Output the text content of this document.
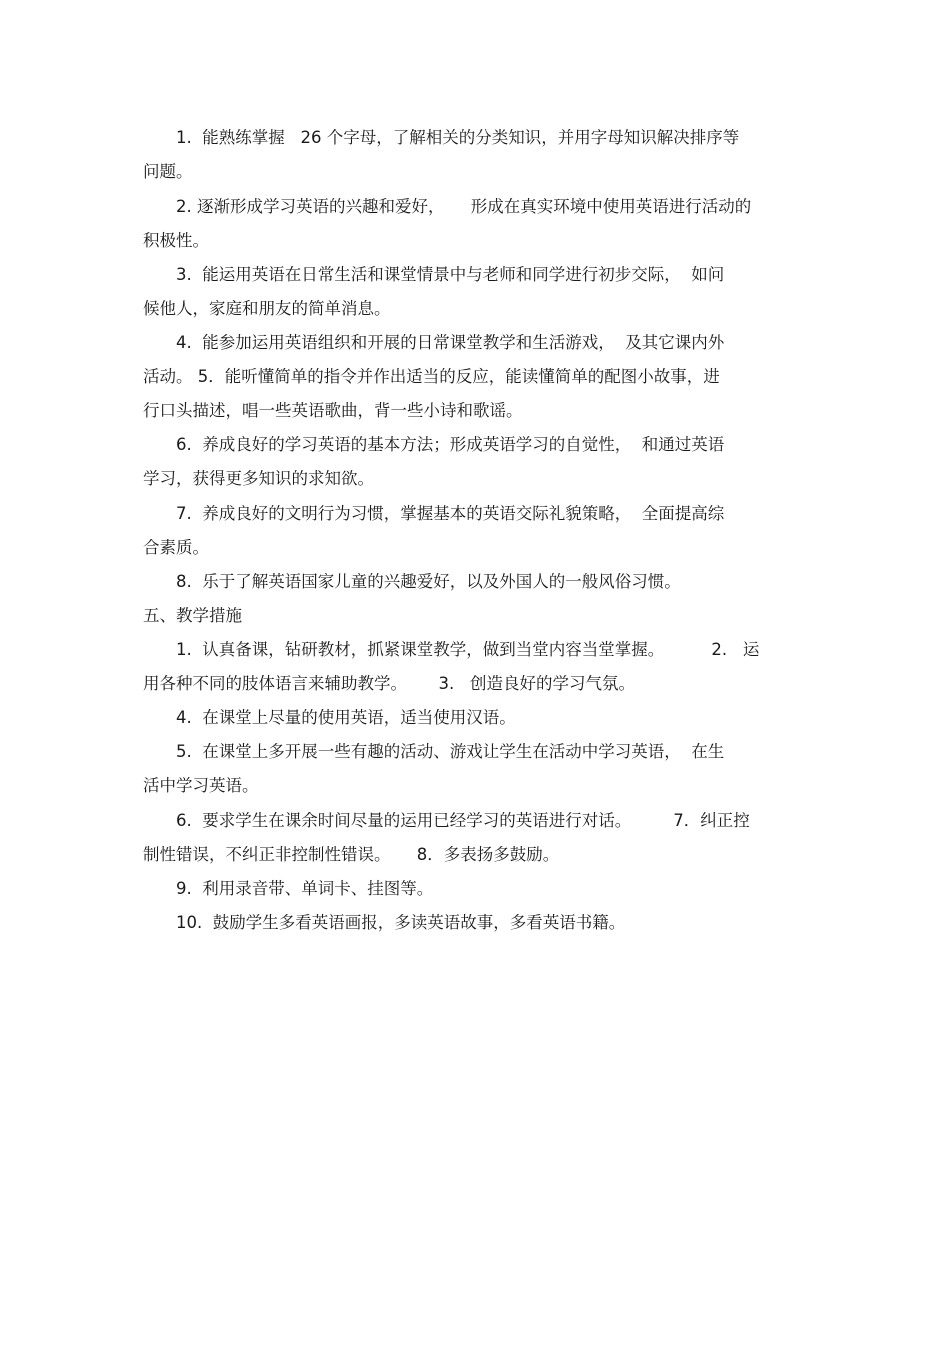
1.  能熟练掌握   26 个字母，了解相关的分类知识，并用字母知识解决排序等
问题。
2. 逐渐形成学习英语的兴趣和爱好，     形成在真实环境中使用英语进行活动的
积极性。
3.  能运用英语在日常生活和课堂情景中与老师和同学进行初步交际，  如问
候他人，家庭和朋友的简单消息。
4.  能参加运用英语组织和开展的日常课堂教学和生活游戏，  及其它课内外
活动。 5．能听懂简单的指令并作出适当的反应，能读懂简单的配图小故事，进
行口头描述，唱一些英语歌曲，背一些小诗和歌谣。
6.  养成良好的学习英语的基本方法；形成英语学习的自觉性，  和通过英语
学习，获得更多知识的求知欲。
7.  养成良好的文明行为习惯，掌握基本的英语交际礼貌策略，  全面提高综
合素质。
8.  乐于了解英语国家儿童的兴趣爱好，以及外国人的一般风俗习惯。
五、教学措施
1.  认真备课，钻研教材，抓紧课堂教学，做到当堂内容当堂掌握。         2.   运
用各种不同的肢体语言来辅助教学。      3.   创造良好的学习气氛。
4.  在课堂上尽量的使用英语，适当使用汉语。
5.  在课堂上多开展一些有趣的活动、游戏让学生在活动中学习英语，  在生
活中学习英语。
6.  要求学生在课余时间尽量的运用已经学习的英语进行对话。        7．纠正控
制性错误，不纠正非控制性错误。     8．多表扬多鼓励。
9.  利用录音带、单词卡、挂图等。
10.  鼓励学生多看英语画报，多读英语故事，多看英语书籍。
